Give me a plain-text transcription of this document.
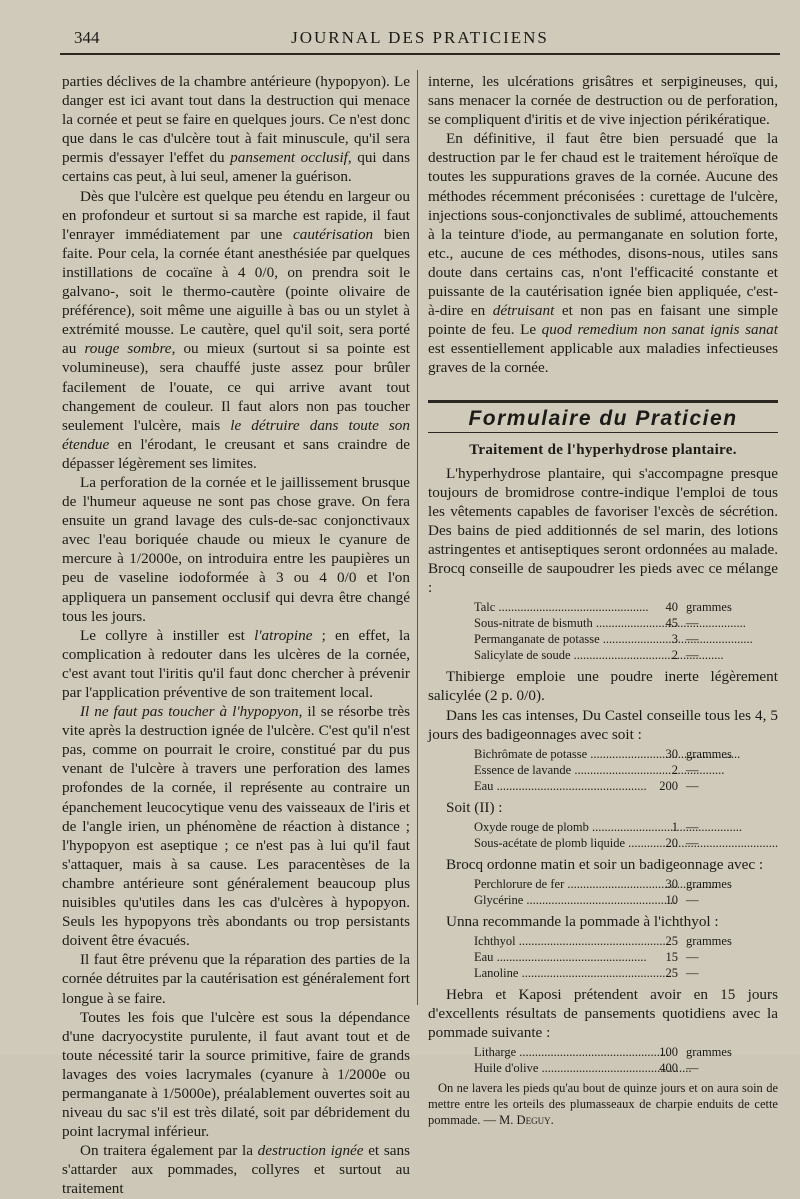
344	JOURNAL DES PRATICIENS

parties déclives de la chambre antérieure (hypopyon). Le danger est ici avant tout dans la destruction qui menace la cornée et peut se faire en quelques jours. Ce n'est donc que dans le cas d'ulcère tout à fait minuscule, qu'il sera permis d'essayer l'effet du pansement occlusif, qui dans certains cas peut, à lui seul, amener la guérison.

Dès que l'ulcère est quelque peu étendu en largeur ou en profondeur et surtout si sa marche est rapide, il faut l'enrayer immédiatement par une cautérisation bien faite. Pour cela, la cornée étant anesthésiée par quelques instillations de cocaïne à 4 0/0, on prendra soit le galvano-, soit le thermo-cautère (pointe olivaire de préférence), soit même une aiguille à bas ou un stylet à extrémité mousse. Le cautère, quel qu'il soit, sera porté au rouge sombre, ou mieux (surtout si sa pointe est volumineuse), sera chauffé juste assez pour brûler facilement de l'ouate, ce qui arrive avant tout changement de couleur. Il faut alors non pas toucher seulement l'ulcère, mais le détruire dans toute son étendue en l'érodant, le creusant et sans craindre de dépasser légèrement ses limites.

La perforation de la cornée et le jaillissement brusque de l'humeur aqueuse ne sont pas chose grave. On fera ensuite un grand lavage des culs-de-sac conjonctivaux avec l'eau boriquée chaude ou mieux le cyanure de mercure à 1/2000e, on introduira entre les paupières un peu de vaseline iodoformée à 3 ou 4 0/0 et l'on appliquera un pansement occlusif qui devra être changé tous les jours.

Le collyre à instiller est l'atropine ; en effet, la complication à redouter dans les ulcères de la cornée, c'est avant tout l'iritis qu'il faut donc chercher à prévenir par l'application préventive de son traitement local.

Il ne faut pas toucher à l'hypopyon, il se résorbe très vite après la destruction ignée de l'ulcère. C'est qu'il n'est pas, comme on pourrait le croire, constitué par du pus venant de l'ulcère à travers une perforation des lames profondes de la cornée, il représente au contraire un épanchement leucocytique venu des vaisseaux de l'iris et de l'angle irien, un phénomène de réaction à distance ; l'hypopyon est aseptique ; ce n'est pas à lui qu'il faut s'attaquer, mais à sa cause. Les paracentèses de la chambre antérieure sont généralement beaucoup plus nuisibles qu'utiles dans les cas d'ulcères à hypopyon. Seuls les hypopyons très abondants ou trop persistants doivent être évacués.

Il faut être prévenu que la réparation des parties de la cornée détruites par la cautérisation est généralement fort longue à se faire.

Toutes les fois que l'ulcère est sous la dépendance d'une dacryocystite purulente, il faut avant tout et de toute nécessité tarir la source primitive, faire de grands lavages des voies lacrymales (cyanure à 1/2000e ou permanganate à 1/5000e), préalablement ouvertes soit au niveau du sac s'il est très dilaté, soit par débridement du point lacrymal inférieur.

On traitera également par la destruction ignée et sans s'attarder aux pommades, collyres et surtout au traitement

interne, les ulcérations grisâtres et serpigineuses, qui, sans menacer la cornée de destruction ou de perforation, se compliquent d'iritis et de vive injection périkératique.

En définitive, il faut être bien persuadé que la destruction par le fer chaud est le traitement héroïque de toutes les suppurations graves de la cornée. Aucune des méthodes récemment préconisées : curettage de l'ulcère, injections sous-conjonctivales de sublimé, attouchements à la teinture d'iode, au permanganate en solution forte, etc., aucune de ces méthodes, disons-nous, utiles sans doute dans certains cas, n'ont l'efficacité constante et puissante de la cautérisation ignée bien appliquée, c'est-à-dire en détruisant et non pas en faisant une simple pointe de feu. Le quod remedium non sanat ignis sanat est essentiellement applicable aux maladies infectieuses graves de la cornée.

Formulaire du Praticien
Traitement de l'hyperhydrose plantaire.

L'hyperhydrose plantaire, qui s'accompagne presque toujours de bromidrose contre-indique l'emploi de tous les vêtements capables de favoriser l'excès de sécrétion. Des bains de pied additionnés de sel marin, des lotions astringentes et antiseptiques seront ordonnées au malade. Brocq conseille de saupoudrer les pieds avec ce mélange :

Talc .....	40 grammes
Sous-nitrate de bismuth .....	45 —
Permanganate de potasse .....	3 —
Salicylate de soude .....	2 —

Thibierge emploie une poudre inerte légèrement salicylée (2 p. 0/0).

Dans les cas intenses, Du Castel conseille tous les 4, 5 jours des badigeonnages avec soit :

Bichrômate de potasse .....	30 grammes
Essence de lavande .....	2 —
Eau .....	200 —

Soit (II) :

Oxyde rouge de plomb .....	1 —
Sous-acétate de plomb liquide .....	20 —

Brocq ordonne matin et soir un badigeonnage avec :

Perchlorure de fer .....	30 grammes
Glycérine .....	10 —

Unna recommande la pommade à l'ichthyol :

Ichthyol .....	25 grammes
Eau .....	15 —
Lanoline .....	25 —

Hebra et Kaposi prétendent avoir en 15 jours d'excellents résultats de pansements quotidiens avec la pommade suivante :

Litharge .....	100 grammes
Huile d'olive .....	400 —

On ne lavera les pieds qu'au bout de quinze jours et on aura soin de mettre entre les orteils des plumasseaux de charpie enduits de cette pommade. — M. Deguy.
